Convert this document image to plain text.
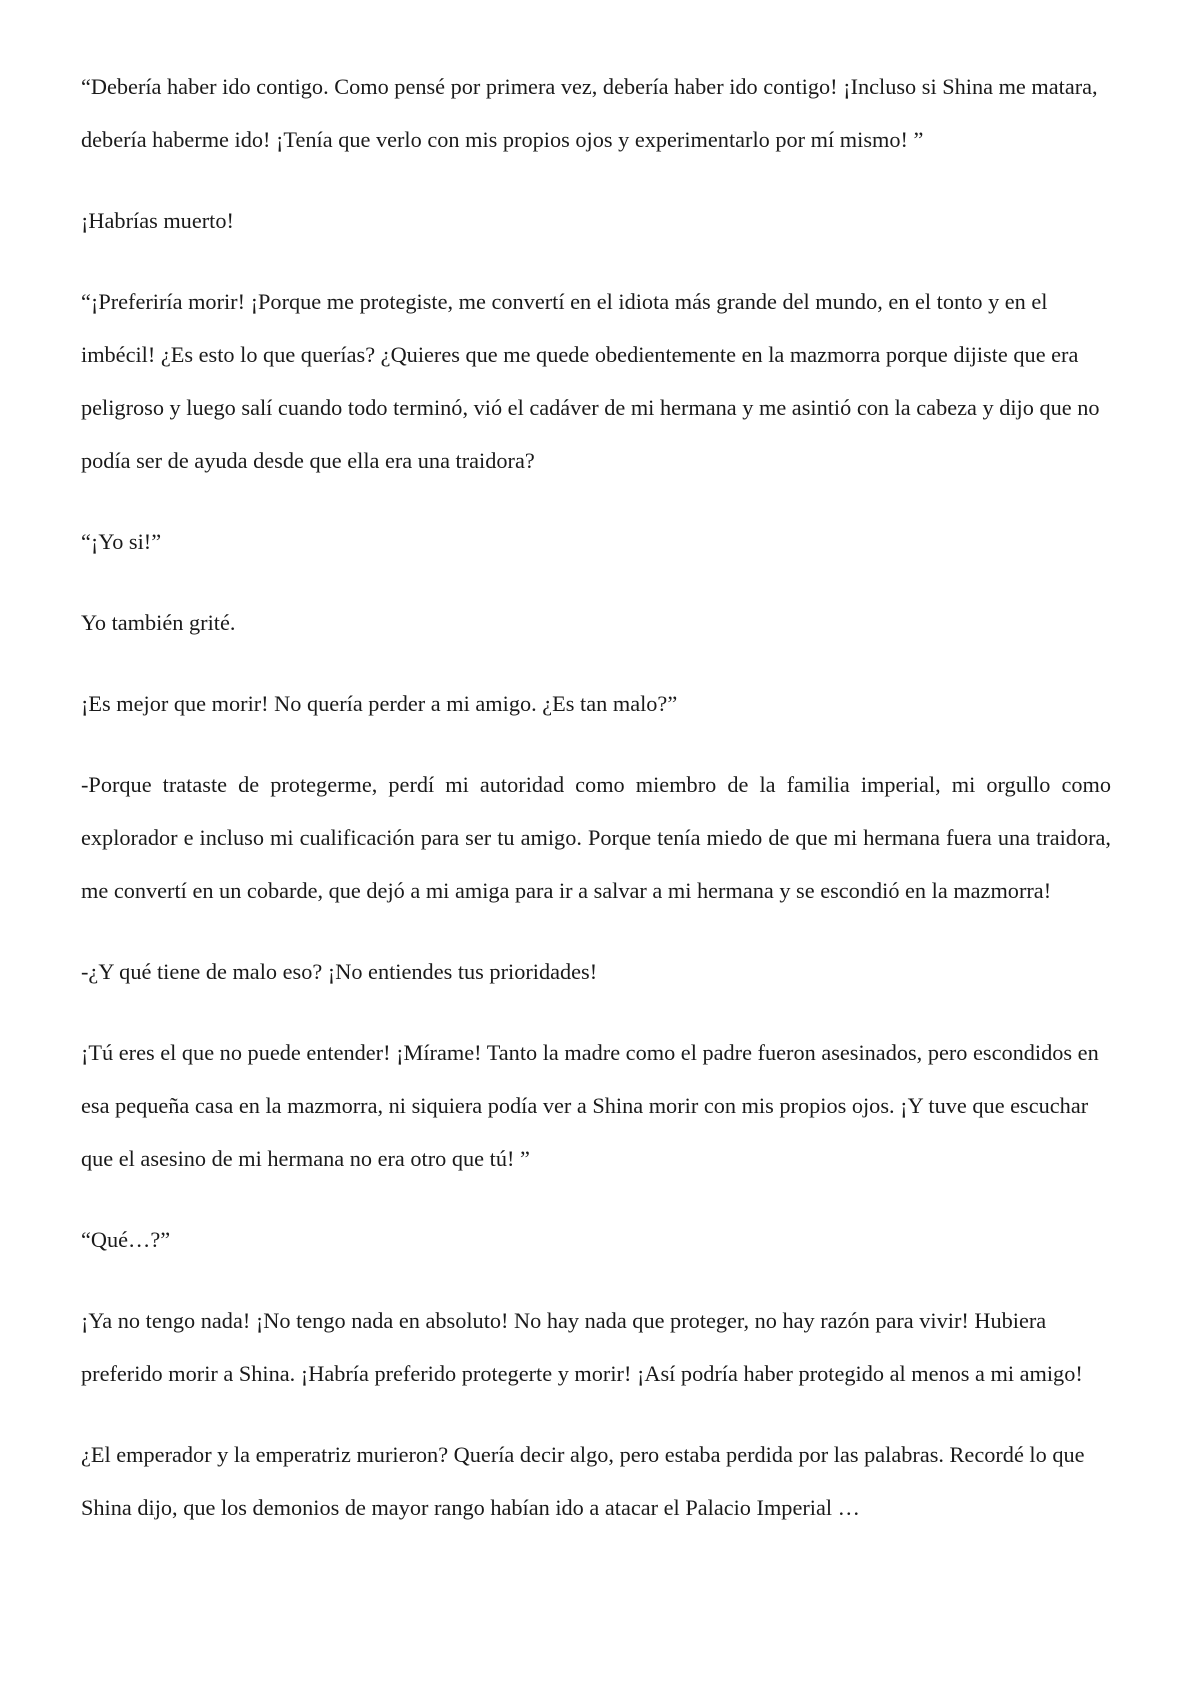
“Debería haber ido contigo. Como pensé por primera vez, debería haber ido contigo! ¡Incluso si Shina me matara, debería haberme ido! ¡Tenía que verlo con mis propios ojos y experimentarlo por mí mismo! ”

¡Habrías muerto!

“¡Preferiría morir! ¡Porque me protegiste, me convertí en el idiota más grande del mundo, en el tonto y en el imbécil! ¿Es esto lo que querías? ¿Quieres que me quede obedientemente en la mazmorra porque dijiste que era peligroso y luego salí cuando todo terminó, vió el cadáver de mi hermana y me asintió con la cabeza y dijo que no podía ser de ayuda desde que ella era una traidora?

“¡Yo si!”

Yo también grité.

¡Es mejor que morir! No quería perder a mi amigo. ¿Es tan malo?”

-Porque trataste de protegerme, perdí mi autoridad como miembro de la familia imperial, mi orgullo como explorador e incluso mi cualificación para ser tu amigo. Porque tenía miedo de que mi hermana fuera una traidora, me convertí en un cobarde, que dejó a mi amiga para ir a salvar a mi hermana y se escondió en la mazmorra!

-¿Y qué tiene de malo eso? ¡No entiendes tus prioridades!

¡Tú eres el que no puede entender! ¡Mírame! Tanto la madre como el padre fueron asesinados, pero escondidos en esa pequeña casa en la mazmorra, ni siquiera podía ver a Shina morir con mis propios ojos. ¡Y tuve que escuchar que el asesino de mi hermana no era otro que tú! ”

“Qué…?”

¡Ya no tengo nada! ¡No tengo nada en absoluto! No hay nada que proteger, no hay razón para vivir! Hubiera preferido morir a Shina. ¡Habría preferido protegerte y morir! ¡Así podría haber protegido al menos a mi amigo!

¿El emperador y la emperatriz murieron? Quería decir algo, pero estaba perdida por las palabras. Recordé lo que Shina dijo, que los demonios de mayor rango habían ido a atacar el Palacio Imperial …
